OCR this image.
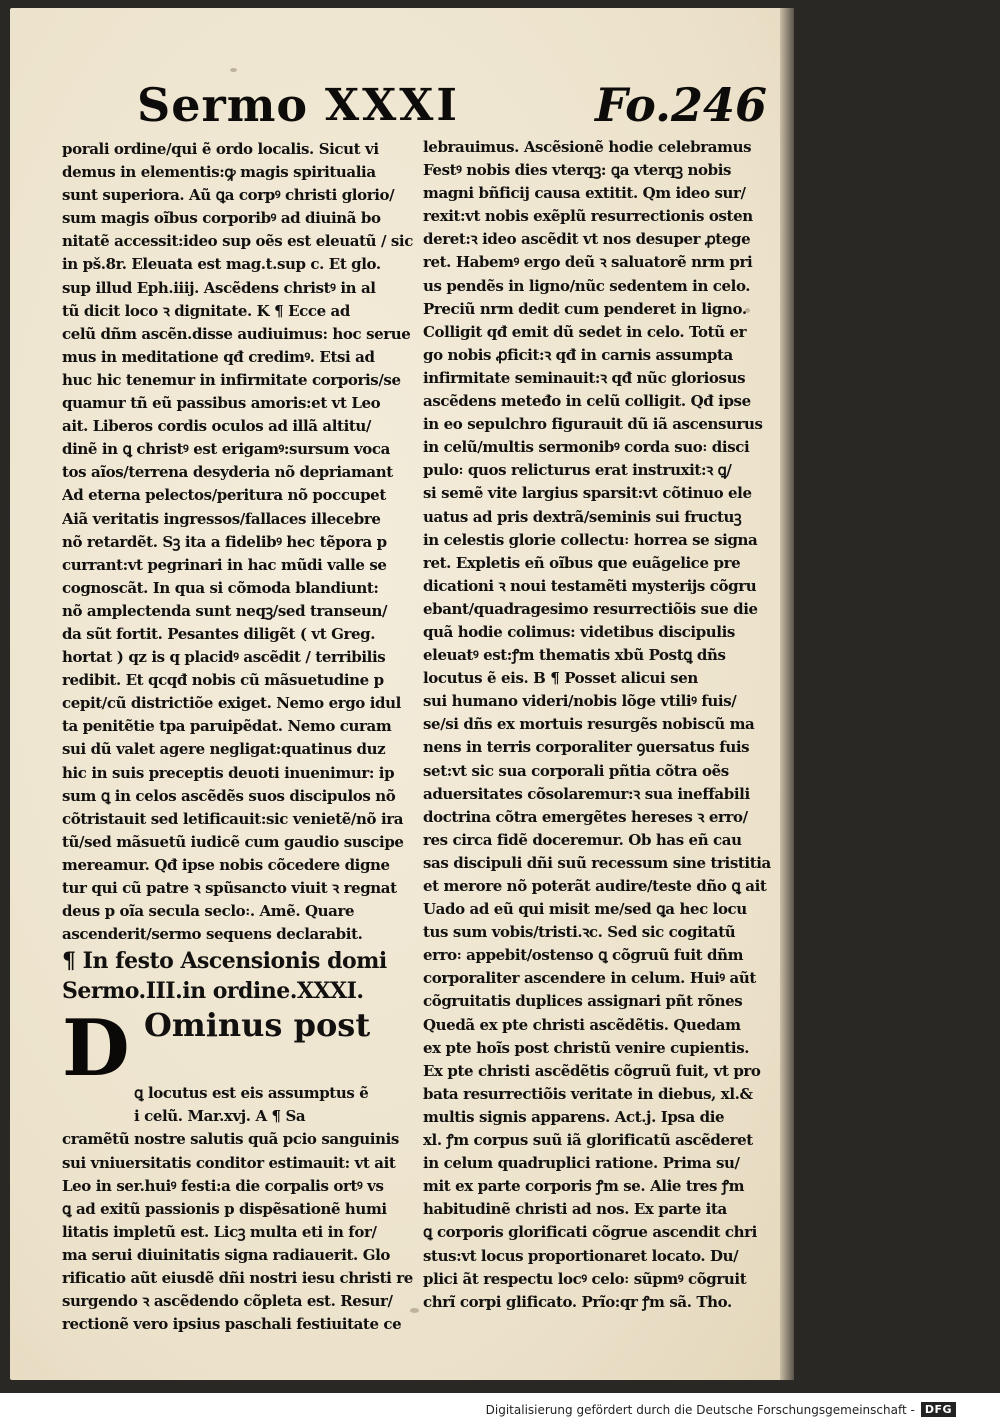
Sermo XXXI	Fo.246
porali ordine/qui ẽ ordo localis. Sicut vi
demus in elementis:ꝙ magis spiritualia
sunt superiora. Aũ ꝗa corpꝰ christi glorio/
sum magis oĩbus corporibꝰ ad diuinã bo
nitatẽ accessit:ideo sup oẽs est eleuatũ / sic
in pš.8r. Eleuata est mag.t.sup c. Et glo.
sup illud Eph.iiij. Ascẽdens christꝰ in al
tũ dicit loco ꝛ dignitate. K ¶ Ecce ad
celũ dñm ascẽn.disse audiuimus: hoc serue
mus in meditatione qđ credimꝰ. Etsi ad
huc hic tenemur in infirmitate corporis/se
quamur tñ eũ passibus amoris:et vt Leo
ait. Liberos cordis oculos ad illã altitu/
dinẽ in ꝗ christꝰ est erigamꝰ:sursum voca
tos aĩos/terrena desyderia nõ depriamant
Ad eterna pelectos/peritura nõ poccupet
Aiã veritatis ingressos/fallaces illecebre
nõ retardẽt. Sꝫ ita a fidelibꝰ hec tẽpora p
currant:vt pegrinari in hac mũdi valle se
cognoscãt. In qua si cõmoda blandiunt:
nõ amplectenda sunt neqꝫ/sed transeun/
da sũt fortit. Pesantes diligẽt ( vt Greg.
hortat ) qz is q placidꝰ ascẽdit / terribilis
redibit. Et qcqđ nobis cũ mãsuetudine p
cepit/cũ districtiõe exiget. Nemo ergo idul
ta penitẽtie tpa paruipẽdat. Nemo curam
sui dũ valet agere negligat:quatinus duz
hic in suis preceptis deuoti inuenimur: ip
sum ꝗ in celos ascẽdẽs suos discipulos nõ
cõtristauit sed letificauit:sic venietẽ/nõ ira
tũ/sed mãsuetũ iudicẽ cum gaudio suscipe
mereamur. Qđ ipse nobis cõcedere digne
tur qui cũ patre ꝛ spũsancto viuit ꝛ regnat
deus p oĩa secula seclo꞉. Amẽ. Quare
ascenderit/sermo sequens declarabit.
¶ In festo Ascensionis domi
Sermo.III.in ordine.XXXI.
D Ominus post
ꝗ locutus est eis assumptus ẽ
i celũ. Mar.xvj. A ¶ Sa
cramẽtũ nostre salutis quã pcio sanguinis
sui vniuersitatis conditor estimauit: vt ait
Leo in ser.huiꝰ festi:a die corpalis ortꝰ vs
ꝗ ad exitũ passionis p dispẽsationẽ humi
litatis impletũ est. Licꝫ multa eti in for/
ma serui diuinitatis signa radiauerit. Glo
rificatio aũt eiusdẽ dñi nostri iesu christi re
surgendo ꝛ ascẽdendo cõpleta est. Resur/
rectionẽ vero ipsius paschali festiuitate ce
lebrauimus. Ascẽsionẽ hodie celebramus
Festꝰ nobis dies vterqꝫ: ꝗa vterqꝫ nobis
magni bñficij causa extitit. Qm ideo sur/
rexit:vt nobis exẽplũ resurrectionis osten
deret:ꝛ ideo ascẽdit vt nos desuper ꝓtege
ret. Habemꝰ ergo deũ ꝛ saluatorẽ nrm pri
us pendẽs in ligno/nũc sedentem in celo.
Preciũ nrm dedit cum penderet in ligno.
Colligit qđ emit dũ sedet in celo. Totũ er
go nobis ꝓficit:ꝛ qđ in carnis assumpta
infirmitate seminauit:ꝛ qđ nũc gloriosus
ascẽdens meteđo in celũ colligit. Qđ ipse
in eo sepulchro figurauit dũ iã ascensurus
in celũ/multis sermonibꝰ corda suo꞉ disci
pulo꞉ quos relicturus erat instruxit:ꝛ ꝗ/
si semẽ vite largius sparsit:vt cõtinuo ele
uatus ad pris dextrã/seminis sui fructuꝫ
in celestis glorie collectu꞉ horrea se signa
ret. Expletis eñ oĩbus que euãgelice pre
dicationi ꝛ noui testamẽti mysterijs cõgru
ebant/quadragesimo resurrectiõis sue die
quã hodie colimus: videtibus discipulis
eleuatꝰ est:ꝭm thematis xbũ Postꝗ dñs
locutus ẽ eis. B ¶ Posset alicui sen
sui humano videri/nobis lõge vtiliꝰ fuis/
se/si dñs ex mortuis resurgẽs nobiscũ ma
nens in terris corporaliter ꝯuersatus fuis
set:vt sic sua corporali pñtia cõtra oẽs
aduersitates cõsolaremur:ꝛ sua ineffabili
doctrina cõtra emergẽtes hereses ꝛ erro/
res circa fidẽ doceremur. Ob has eñ cau
sas discipuli dñi suũ recessum sine tristitia
et merore nõ poterãt audire/teste dño ꝗ ait
Uado ad eũ qui misit me/sed ꝗa hec locu
tus sum vobis/tristi.ꝛc. Sed sic cogitatũ
erro꞉ appebit/ostenso ꝗ cõgruũ fuit dñm
corporaliter ascendere in celum. Huiꝰ aũt
cõgruitatis duplices assignari pñt rõnes
Quedã ex pte christi ascẽdẽtis. Quedam
ex pte hoĩs post christũ venire cupientis.
Ex pte christi ascẽdẽtis cõgruũ fuit, vt pro
bata resurrectiõis veritate in diebus, xl.&
multis signis apparens. Act.j. Ipsa die
xl. ꝭm corpus suũ iã glorificatũ ascẽderet
in celum quadruplici ratione. Prima su/
mit ex parte corporis ꝭm se. Alie tres ꝭm
habitudinẽ christi ad nos. Ex parte ita
ꝗ corporis glorificati cõgrue ascendit chri
stus:vt locus proportionaret locato. Du/
plici ãt respectu locꝰ celo꞉ sũpmꝰ cõgruit
chrĩ corpi glificato. Prĩo:qr ꝭm sã. Tho.
Digitalisierung gefördert durch die Deutsche Forschungsgemeinschaft - DFG
